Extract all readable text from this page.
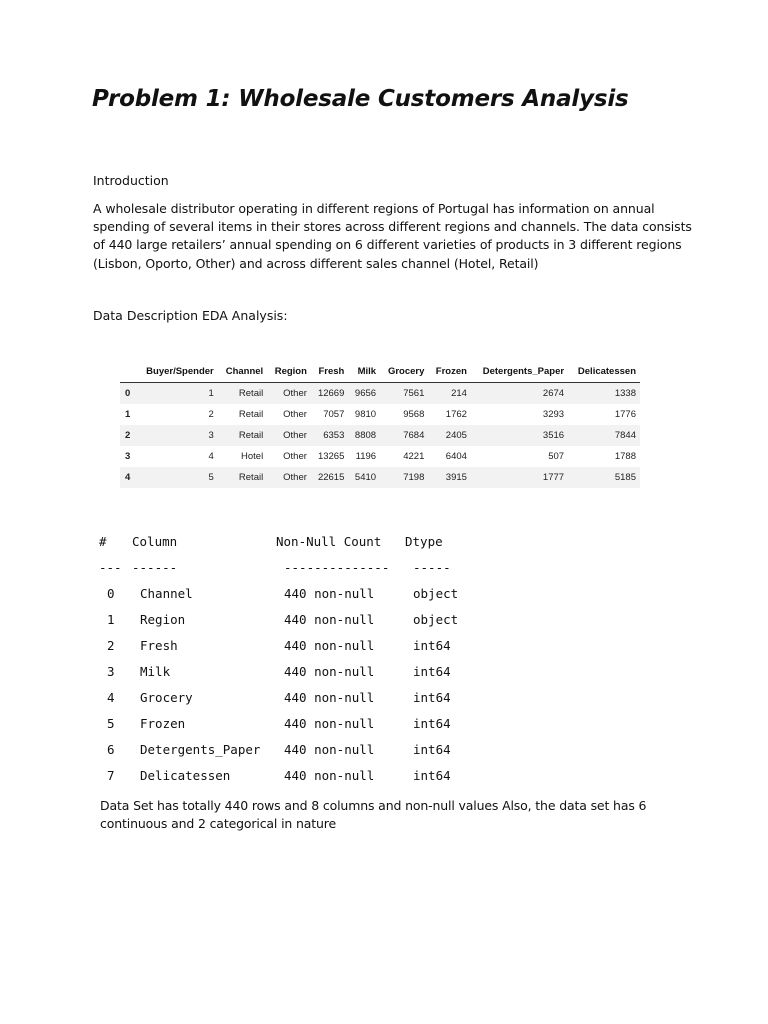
Problem 1: Wholesale Customers Analysis
Introduction
A wholesale distributor operating in different regions of Portugal has information on annual spending of several items in their stores across different regions and channels. The data consists of 440 large retailers’ annual spending on 6 different varieties of products in 3 different regions (Lisbon, Oporto, Other) and across different sales channel (Hotel, Retail)
Data Description EDA Analysis:
	Buyer/Spender	Channel	Region	Fresh	Milk	Grocery	Frozen	Detergents_Paper	Delicatessen
0	1	Retail	Other	12669	9656	7561	214	2674	1338
1	2	Retail	Other	7057	9810	9568	1762	3293	1776
2	3	Retail	Other	6353	8808	7684	2405	3516	7844
3	4	Hotel	Other	13265	1196	4221	6404	507	1788
4	5	Retail	Other	22615	5410	7198	3915	1777	5185
# Column	Non-Null Count Dtype
--- ------	-------------- -----
0 Channel	440 non-null	object
1 Region	440 non-null	object
2 Fresh	440 non-null	int64
3 Milk	440 non-null	int64
4 Grocery	440 non-null	int64
5 Frozen	440 non-null	int64
6 Detergents_Paper 440 non-null	int64
7 Delicatessen	440 non-null	int64
Data Set has totally 440 rows and 8 columns and non-null values Also, the data set has 6 continuous and 2 categorical in nature
